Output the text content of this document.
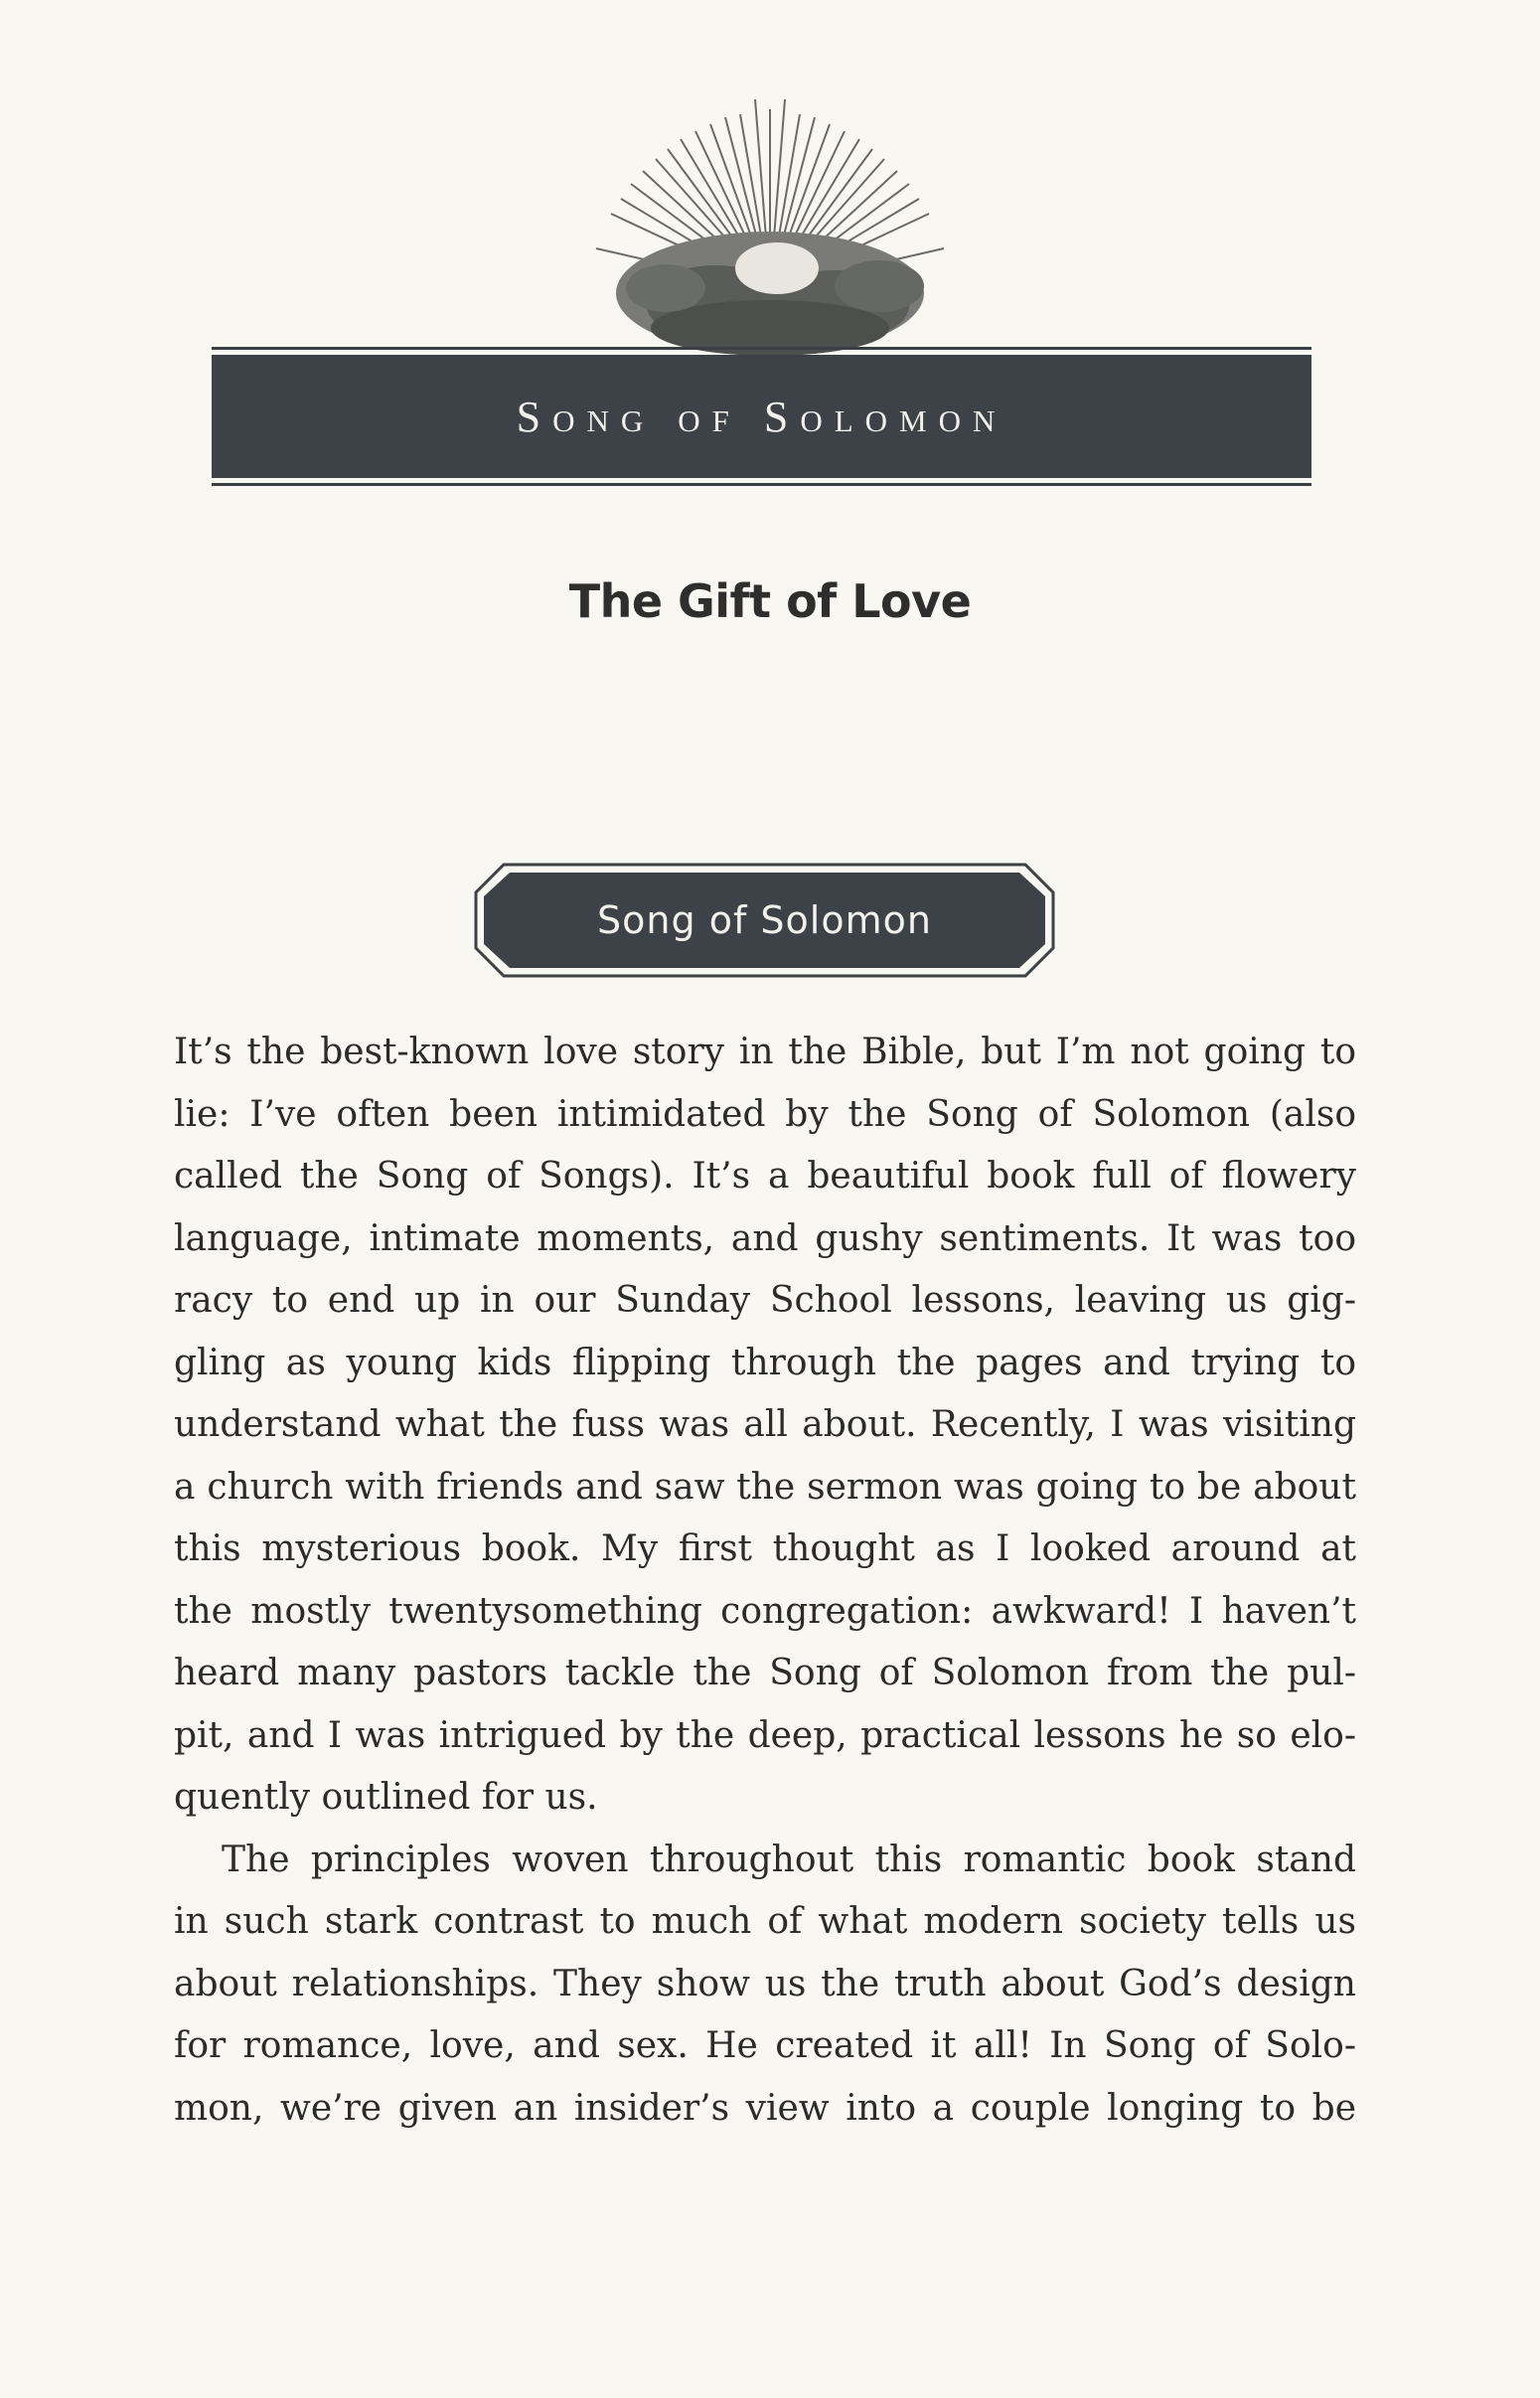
Song of Solomon
The Gift of Love
Song of Solomon
It’s the best-known love story in the Bible, but I’m not going to
lie: I’ve often been intimidated by the Song of Solomon (also
called the Song of Songs). It’s a beautiful book full of flowery
language, intimate moments, and gushy sentiments. It was too
racy to end up in our Sunday School lessons, leaving us gig-
gling as young kids flipping through the pages and trying to
understand what the fuss was all about. Recently, I was visiting
a church with friends and saw the sermon was going to be about
this mysterious book. My first thought as I looked around at
the mostly twentysomething congregation: awkward! I haven’t
heard many pastors tackle the Song of Solomon from the pul-
pit, and I was intrigued by the deep, practical lessons he so elo-
quently outlined for us.
The principles woven throughout this romantic book stand
in such stark contrast to much of what modern society tells us
about relationships. They show us the truth about God’s design
for romance, love, and sex. He created it all! In Song of Solo-
mon, we’re given an insider’s view into a couple longing to be
